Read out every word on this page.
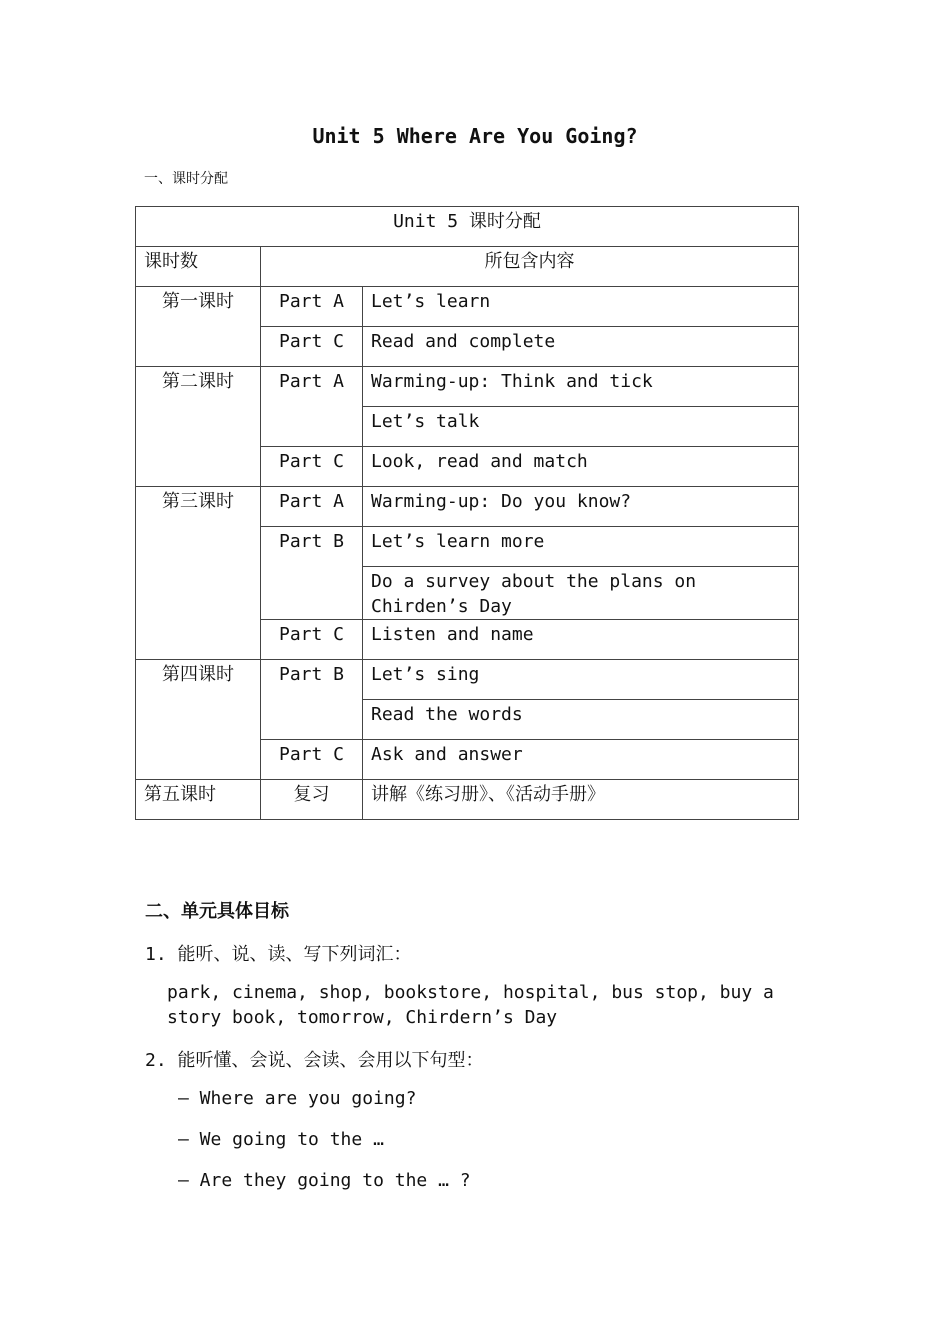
Unit 5 Where Are You Going?
一、课时分配
Unit 5 课时分配		
课时数	所包含内容	
第一课时	Part A	Let’s learn
	Part C	Read and complete
第二课时	Part A	Warming-up: Think and tick
		Let’s talk
	Part C	Look, read and match
第三课时	Part A	Warming-up: Do you know?
	Part B	Let’s learn more
		Do a survey about the plans on Chirden’s Day
	Part C	Listen and name
第四课时	Part B	Let’s sing
		Read the words
	Part C	Ask and answer
第五课时	复习	讲解《练习册》、《活动手册》
二、单元具体目标
1. 能听、说、读、写下列词汇：
park, cinema, shop, bookstore, hospital, bus stop, buy a story book, tomorrow, Chirdern’s Day
2. 能听懂、会说、会读、会用以下句型：
— Where are you going?
— We going to the …
— Are they going to the … ?
